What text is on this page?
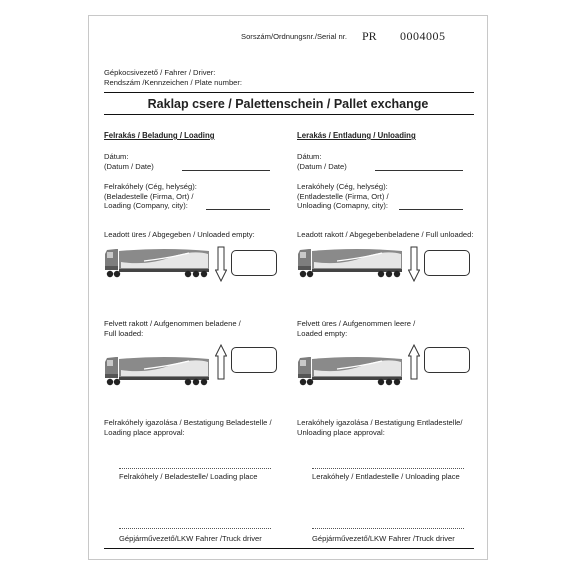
Sorszám/Ordnungsnr./Serial nr. PR 0004005
Gépkocsivezető / Fahrer / Driver:
Rendszám /Kennzeichen / Plate number:
Raklap csere / Palettenschein / Pallet exchange
Felrakás / Beladung / Loading
Dátum:
(Datum / Date)
Felrakóhely (Cég, helység):
(Beladestelle (Firma, Ort) /
Loading (Company, city):
Leadott üres / Abgegeben / Unloaded empty:
Felvett rakott / Aufgenommen beladene /
Full loaded:
Felrakóhely igazolása / Bestatigung Beladestelle /
Loading place approval:
Felrakóhely / Beladestelle/ Loading place
Gépjárművezető/LKW Fahrer /Truck driver
Lerakás / Entladung / Unloading
Dátum:
(Datum / Date)
Lerakóhely (Cég, helység):
(Entladestelle (Firma, Ort) /
Unloading (Comapny, city):
Leadott rakott / Abgegebenbeladene / Full unloaded:
Felvett üres / Aufgenommen leere /
Loaded empty:
Lerakóhely igazolása / Bestatigung Entladestelle/
Unloading place approval:
Lerakóhely / Entladestelle / Unloading place
Gépjárművezető/LKW Fahrer /Truck driver
